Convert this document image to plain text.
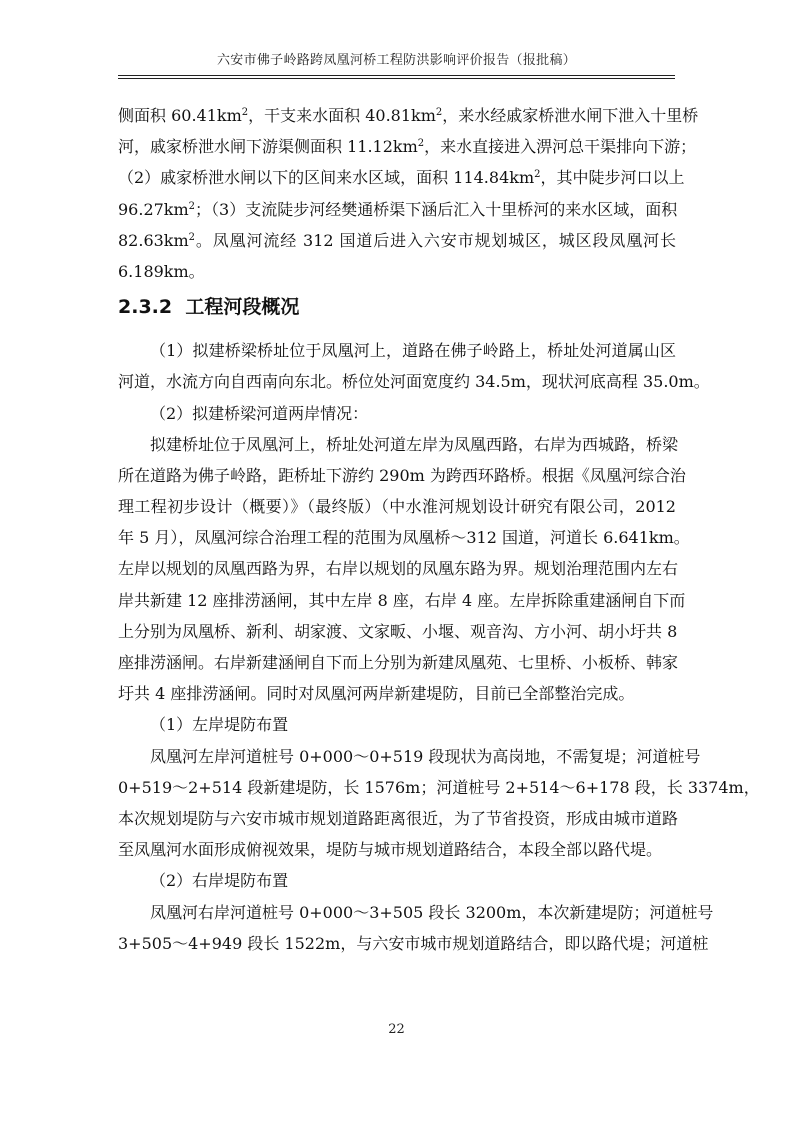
六安市佛子岭路跨凤凰河桥工程防洪影响评价报告（报批稿）
侧面积 $60.41km^2$，干支来水面积 $40.81km^2$，来水经戚家桥泄水闸下泄入十里桥
河，戚家桥泄水闸下游渠侧面积 $11.12km^2$，来水直接进入淠河总干渠排向下游；
（2）戚家桥泄水闸以下的区间来水区域，面积 $114.84km^2$，其中陡步河口以上
$96.27km^2$；（3）支流陡步河经樊通桥渠下涵后汇入十里桥河的来水区域，面积
$82.63km^2$。凤凰河流经 312 国道后进入六安市规划城区，城区段凤凰河长
6.189km。
2.3.2 工程河段概况
（1）拟建桥梁桥址位于凤凰河上，道路在佛子岭路上，桥址处河道属山区
河道，水流方向自西南向东北。桥位处河面宽度约 34.5m，现状河底高程 35.0m。
（2）拟建桥梁河道两岸情况：
拟建桥址位于凤凰河上，桥址处河道左岸为凤凰西路，右岸为西城路，桥梁
所在道路为佛子岭路，距桥址下游约 290m 为跨西环路桥。根据《凤凰河综合治
理工程初步设计（概要）》（最终版）（中水淮河规划设计研究有限公司，2012
年 5 月），凤凰河综合治理工程的范围为凤凰桥～312 国道，河道长 6.641km。
左岸以规划的凤凰西路为界，右岸以规划的凤凰东路为界。规划治理范围内左右
岸共新建 12 座排涝涵闸，其中左岸 8 座，右岸 4 座。左岸拆除重建涵闸自下而
上分别为凤凰桥、新利、胡家渡、文家畈、小堰、观音沟、方小河、胡小圩共 8
座排涝涵闸。右岸新建涵闸自下而上分别为新建凤凰苑、七里桥、小板桥、韩家
圩共 4 座排涝涵闸。同时对凤凰河两岸新建堤防，目前已全部整治完成。
（1）左岸堤防布置
凤凰河左岸河道桩号 0+000～0+519 段现状为高岗地，不需复堤；河道桩号
0+519～2+514 段新建堤防，长 1576m；河道桩号 2+514～6+178 段，长 3374m，
本次规划堤防与六安市城市规划道路距离很近，为了节省投资，形成由城市道路
至凤凰河水面形成俯视效果，堤防与城市规划道路结合，本段全部以路代堤。
（2）右岸堤防布置
凤凰河右岸河道桩号 0+000～3+505 段长 3200m，本次新建堤防；河道桩号
3+505～4+949 段长 1522m，与六安市城市规划道路结合，即以路代堤；河道桩
22
